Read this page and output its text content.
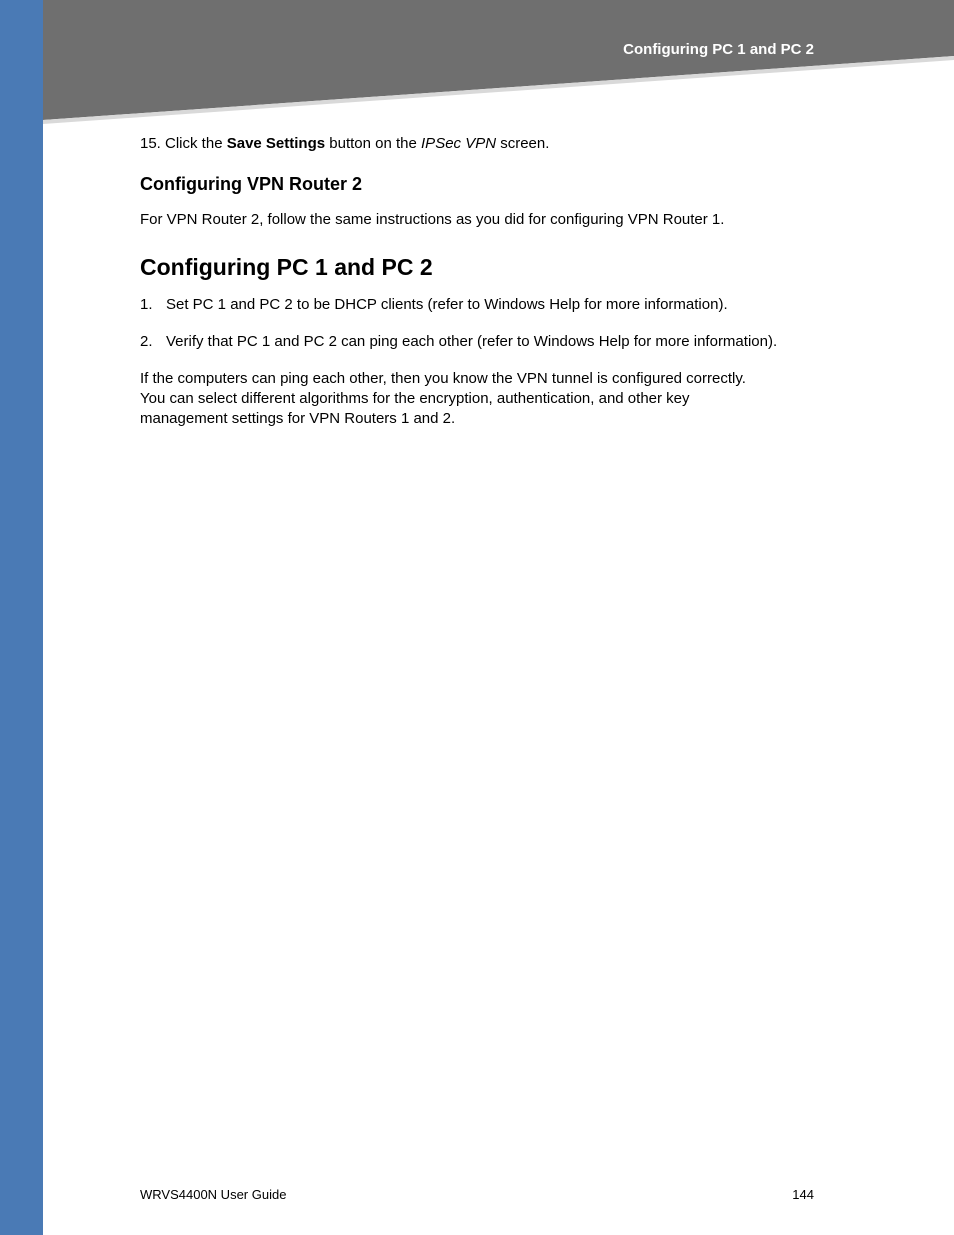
Configuring PC 1 and PC 2

15. Click the Save Settings button on the IPSec VPN screen.

Configuring VPN Router 2

For VPN Router 2, follow the same instructions as you did for configuring VPN Router 1.

Configuring PC 1 and PC 2
1. Set PC 1 and PC 2 to be DHCP clients (refer to Windows Help for more information).
2. Verify that PC 1 and PC 2 can ping each other (refer to Windows Help for more information).

If the computers can ping each other, then you know the VPN tunnel is configured correctly.
You can select different algorithms for the encryption, authentication, and other key
management settings for VPN Routers 1 and 2.

WRVS4400N User Guide	144
